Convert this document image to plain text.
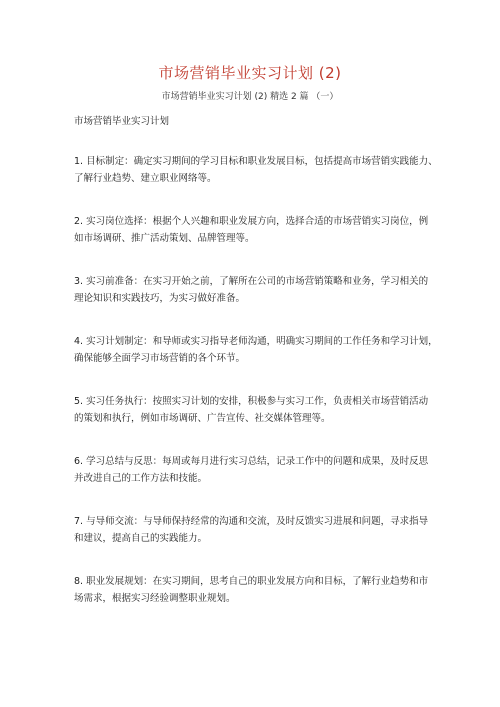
市场营销毕业实习计划 (2)
市场营销毕业实习计划 (2) 精选 2 篇 （一）
市场营销毕业实习计划
1. 目标制定：确定实习期间的学习目标和职业发展目标，包括提高市场营销实践能力、
了解行业趋势、建立职业网络等。
2. 实习岗位选择：根据个人兴趣和职业发展方向，选择合适的市场营销实习岗位，例
如市场调研、推广活动策划、品牌管理等。
3. 实习前准备：在实习开始之前，了解所在公司的市场营销策略和业务，学习相关的
理论知识和实践技巧，为实习做好准备。
4. 实习计划制定：和导师或实习指导老师沟通，明确实习期间的工作任务和学习计划，
确保能够全面学习市场营销的各个环节。
5. 实习任务执行：按照实习计划的安排，积极参与实习工作，负责相关市场营销活动
的策划和执行，例如市场调研、广告宣传、社交媒体管理等。
6. 学习总结与反思：每周或每月进行实习总结，记录工作中的问题和成果，及时反思
并改进自己的工作方法和技能。
7. 与导师交流：与导师保持经常的沟通和交流，及时反馈实习进展和问题，寻求指导
和建议，提高自己的实践能力。
8. 职业发展规划：在实习期间，思考自己的职业发展方向和目标，了解行业趋势和市
场需求，根据实习经验调整职业规划。
